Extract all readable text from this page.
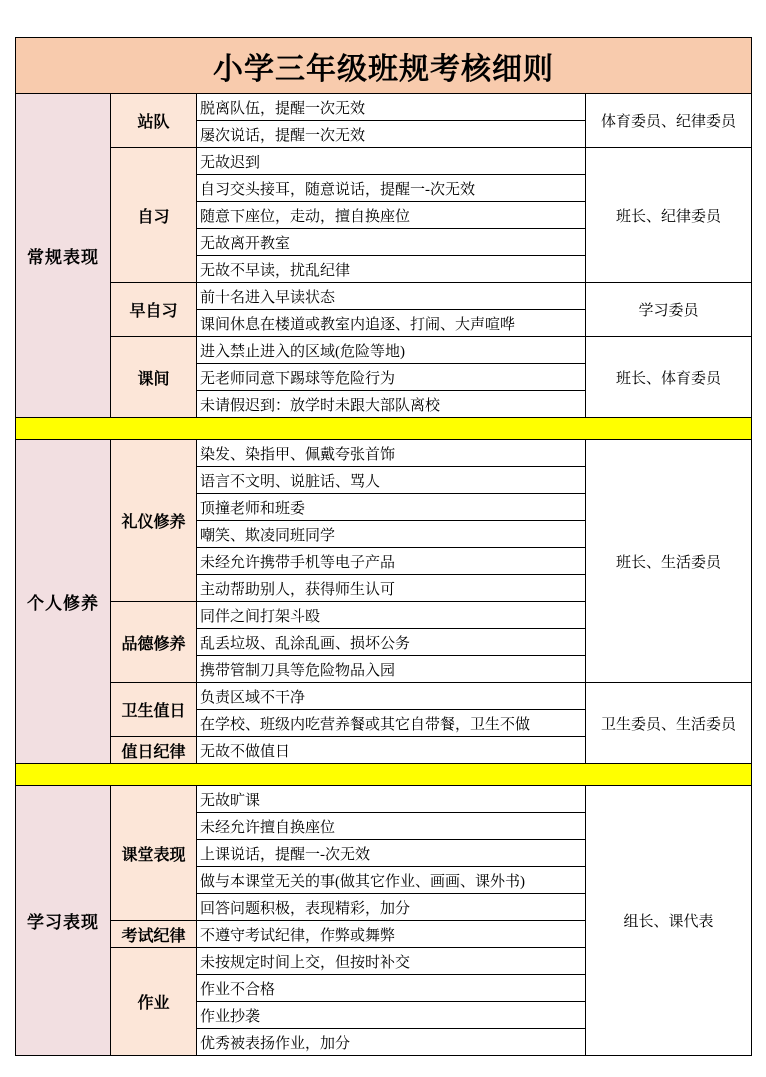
小学三年级班规考核细则			
常规表现	站队	脱离队伍，提醒一次无效	体育委员、纪律委员
		屡次说话，提醒一次无效	
	自习	无故迟到	班长、纪律委员
		自习交头接耳，随意说话，提醒一-次无效	
		随意下座位，走动，擅自换座位	
		无故离开教室	
		无故不早读，扰乱纪律	
	早自习	前十名进入早读状态	学习委员
		课间休息在楼道或教室内追逐、打闹、大声喧哗	
	课间	进入禁止进入的区域(危险等地)	班长、体育委员
		无老师同意下踢球等危险行为	
		未请假迟到：放学时未跟大部队离校	

个人修养	礼仪修养	染发、染指甲、佩戴夸张首饰	班长、生活委员
		语言不文明、说脏话、骂人	
		顶撞老师和班委	
		嘲笑、欺凌同班同学	
		未经允许携带手机等电子产品	
		主动帮助别人，获得师生认可	
	品德修养	同伴之间打架斗殴	
		乱丢垃圾、乱涂乱画、损坏公务	
		携带管制刀具等危险物品入园	
	卫生值日	负责区域不干净	卫生委员、生活委员
		在学校、班级内吃营养餐或其它自带餐，卫生不做	
	值日纪律	无故不做值日	

学习表现	课堂表现	无故旷课	组长、课代表
		未经允许擅自换座位	
		上课说话，提醒一-次无效	
		做与本课堂无关的事(做其它作业、画画、课外书)	
		回答问题积极，表现精彩，加分	
	考试纪律	不遵守考试纪律，作弊或舞弊	
	作业	未按规定时间上交，但按时补交	
		作业不合格	
		作业抄袭	
		优秀被表扬作业，加分	
